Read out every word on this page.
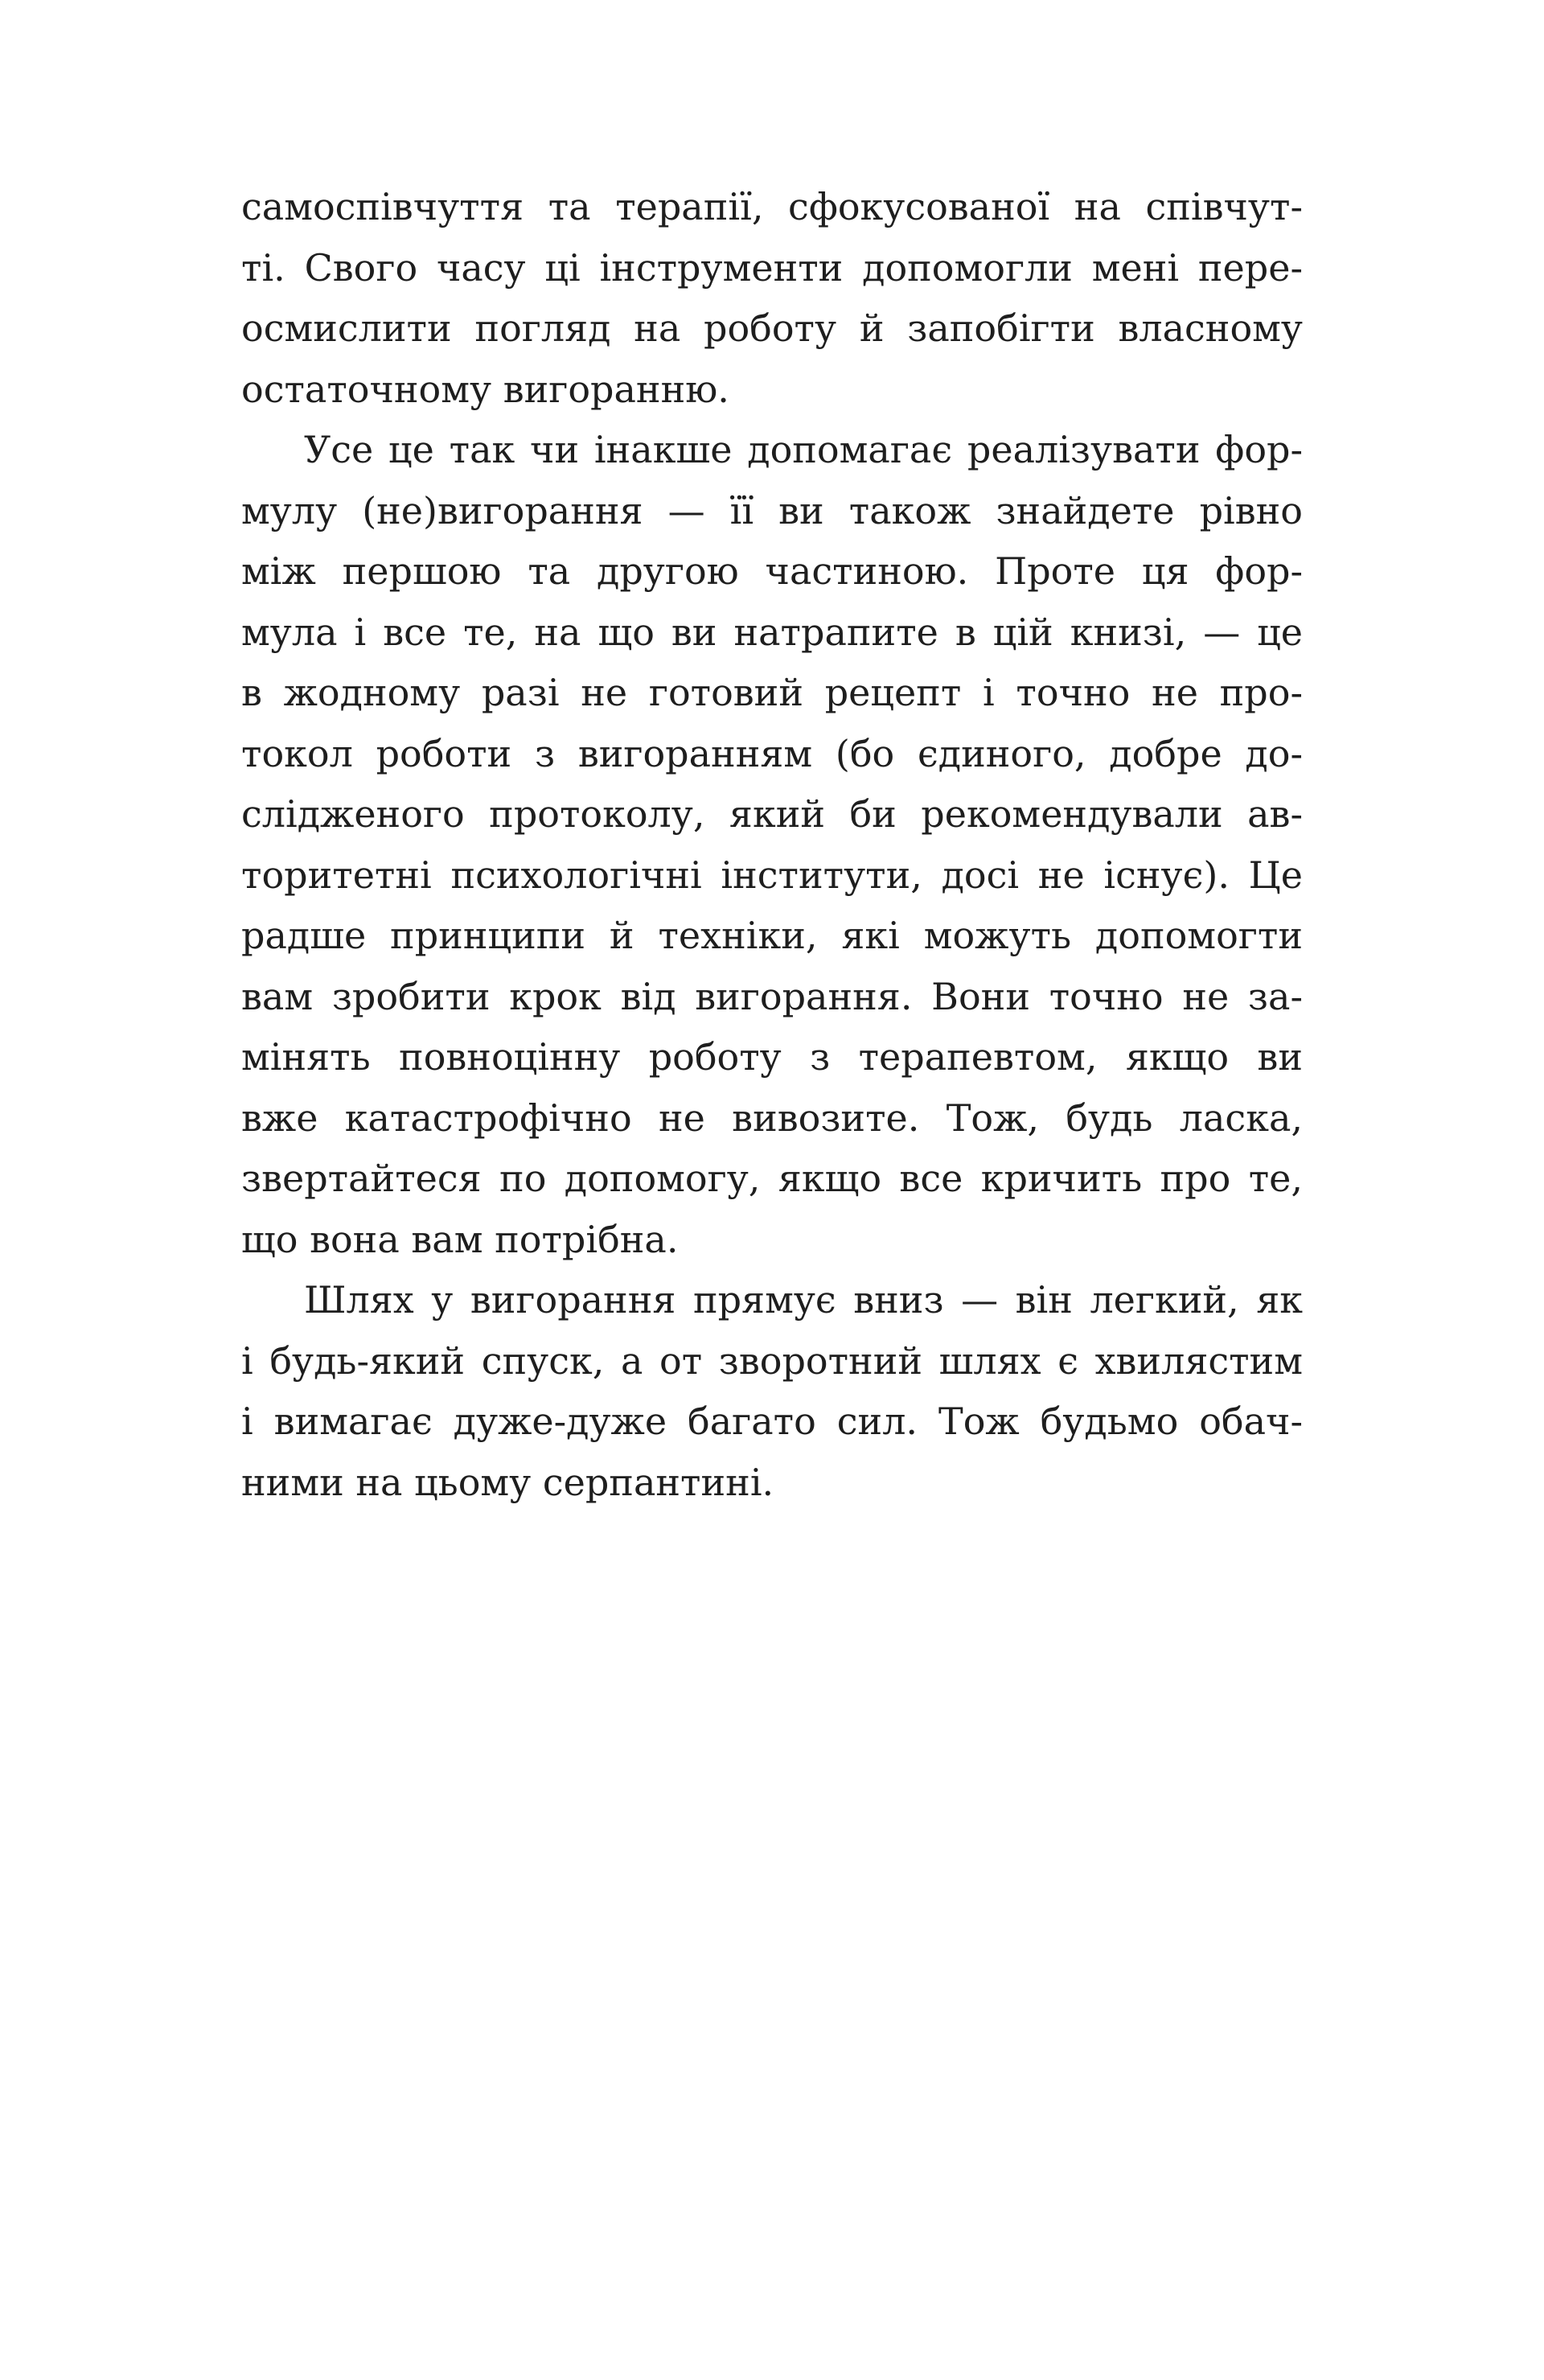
самоспівчуття та терапії, сфокусованої на співчут-
ті. Свого часу ці інструменти допомогли мені пере-
осмислити погляд на роботу й запобігти власному
остаточному вигоранню.

Усе це так чи інакше допомагає реалізувати фор-
мулу (не)вигорання — її ви також знайдете рівно
між першою та другою частиною. Проте ця фор-
мула і все те, на що ви натрапите в цій книзі, — це
в жодному разі не готовий рецепт і точно не про-
токол роботи з вигоранням (бо єдиного, добре до-
слідженого протоколу, який би рекомендували ав-
торитетні психологічні інститути, досі не існує). Це
радше принципи й техніки, які можуть допомогти
вам зробити крок від вигорання. Вони точно не за-
мінять повноцінну роботу з терапевтом, якщо ви
вже катастрофічно не вивозите. Тож, будь ласка,
звертайтеся по допомогу, якщо все кричить про те,
що вона вам потрібна.

Шлях у вигорання прямує вниз — він легкий, як
і будь-який спуск, а от зворотний шлях є хвилястим
і вимагає дуже-дуже багато сил. Тож будьмо обач-
ними на цьому серпантині.
